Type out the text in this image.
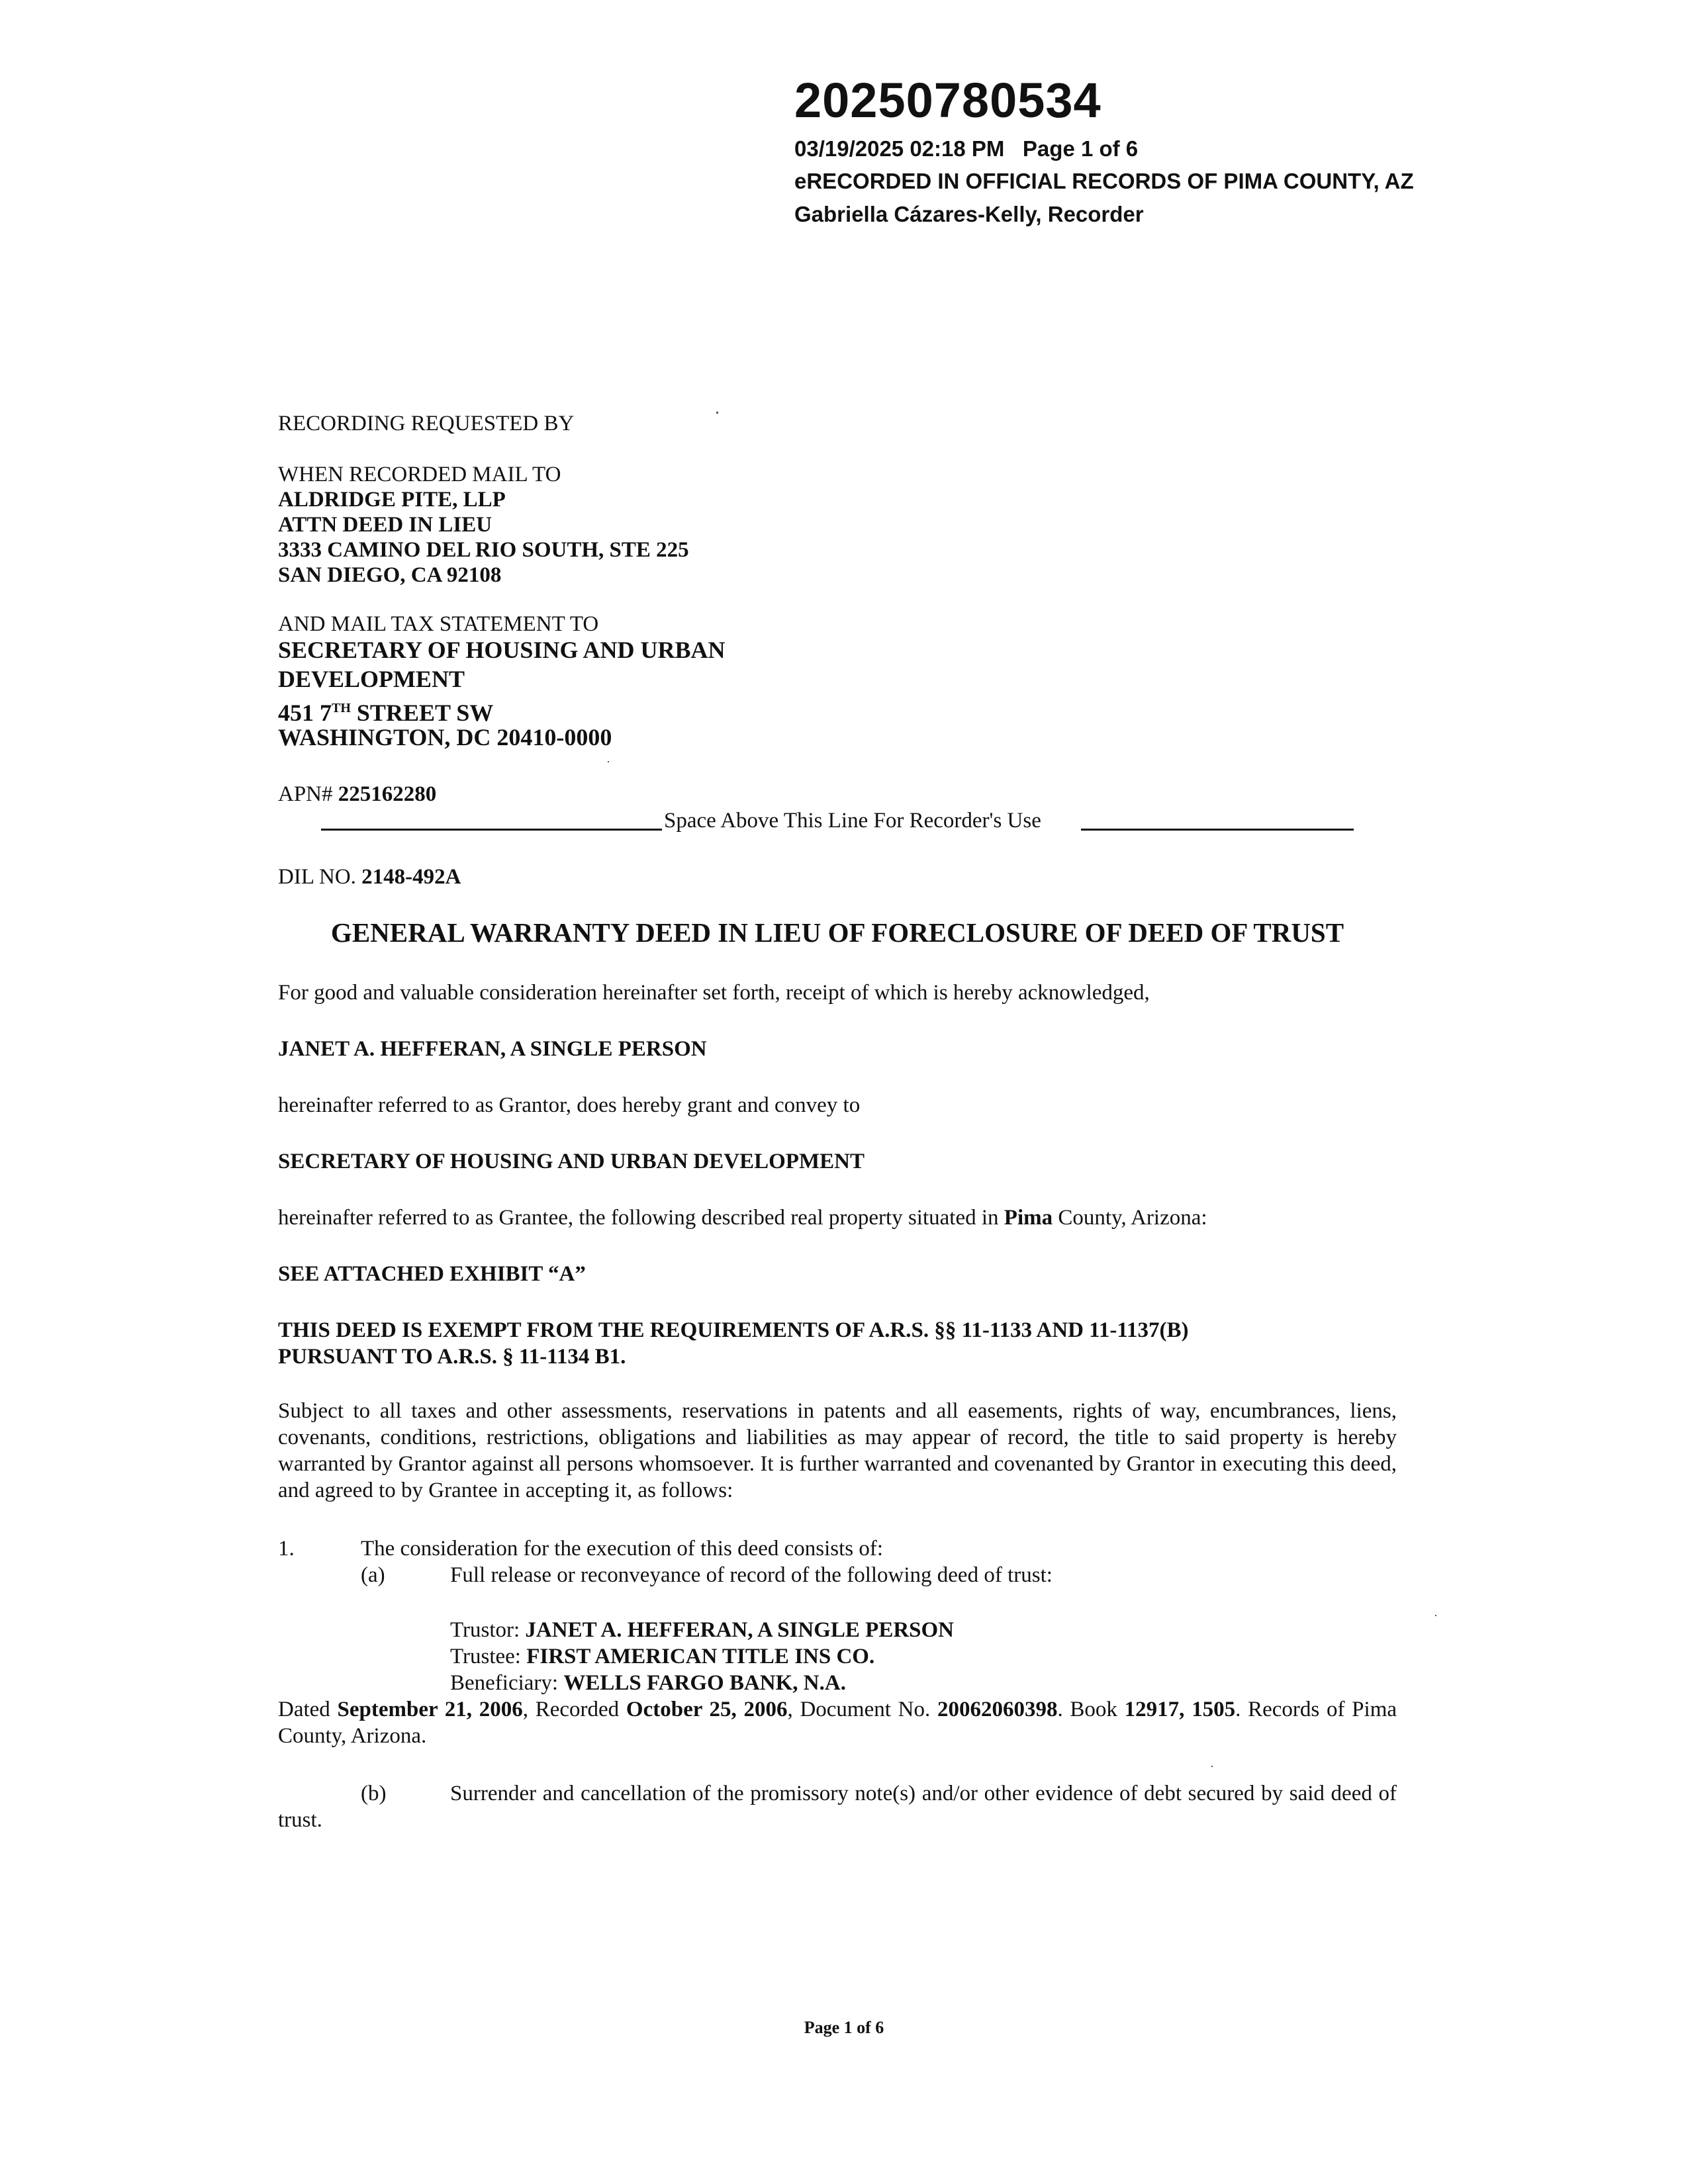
20250780534
03/19/2025 02:18 PM Page 1 of 6
eRECORDED IN OFFICIAL RECORDS OF PIMA COUNTY, AZ
Gabriella Cázares-Kelly, Recorder
RECORDING REQUESTED BY
WHEN RECORDED MAIL TO
ALDRIDGE PITE, LLP
ATTN DEED IN LIEU
3333 CAMINO DEL RIO SOUTH, STE 225
SAN DIEGO, CA 92108
AND MAIL TAX STATEMENT TO
SECRETARY OF HOUSING AND URBAN
DEVELOPMENT
451 7TH STREET SW
WASHINGTON, DC 20410-0000
APN# 225162280
Space Above This Line For Recorder's Use
DIL NO. 2148-492A
GENERAL WARRANTY DEED IN LIEU OF FORECLOSURE OF DEED OF TRUST
For good and valuable consideration hereinafter set forth, receipt of which is hereby acknowledged,
JANET A. HEFFERAN, A SINGLE PERSON
hereinafter referred to as Grantor, does hereby grant and convey to
SECRETARY OF HOUSING AND URBAN DEVELOPMENT
hereinafter referred to as Grantee, the following described real property situated in Pima County, Arizona:
SEE ATTACHED EXHIBIT “A”
THIS DEED IS EXEMPT FROM THE REQUIREMENTS OF A.R.S. §§ 11-1133 AND 11-1137(B)
PURSUANT TO A.R.S. § 11-1134 B1.
Subject to all taxes and other assessments, reservations in patents and all easements, rights of way, encumbrances, liens, covenants, conditions, restrictions, obligations and liabilities as may appear of record, the title to said property is hereby warranted by Grantor against all persons whomsoever. It is further warranted and covenanted by Grantor in executing this deed, and agreed to by Grantee in accepting it, as follows:
1.	The consideration for the execution of this deed consists of:
(a)	Full release or reconveyance of record of the following deed of trust:
Trustor: JANET A. HEFFERAN, A SINGLE PERSON
Trustee: FIRST AMERICAN TITLE INS CO.
Beneficiary: WELLS FARGO BANK, N.A.
Dated September 21, 2006, Recorded October 25, 2006, Document No. 20062060398. Book 12917, 1505. Records of Pima County, Arizona.
(b)	Surrender and cancellation of the promissory note(s) and/or other evidence of debt secured by said deed of trust.
Page 1 of 6
